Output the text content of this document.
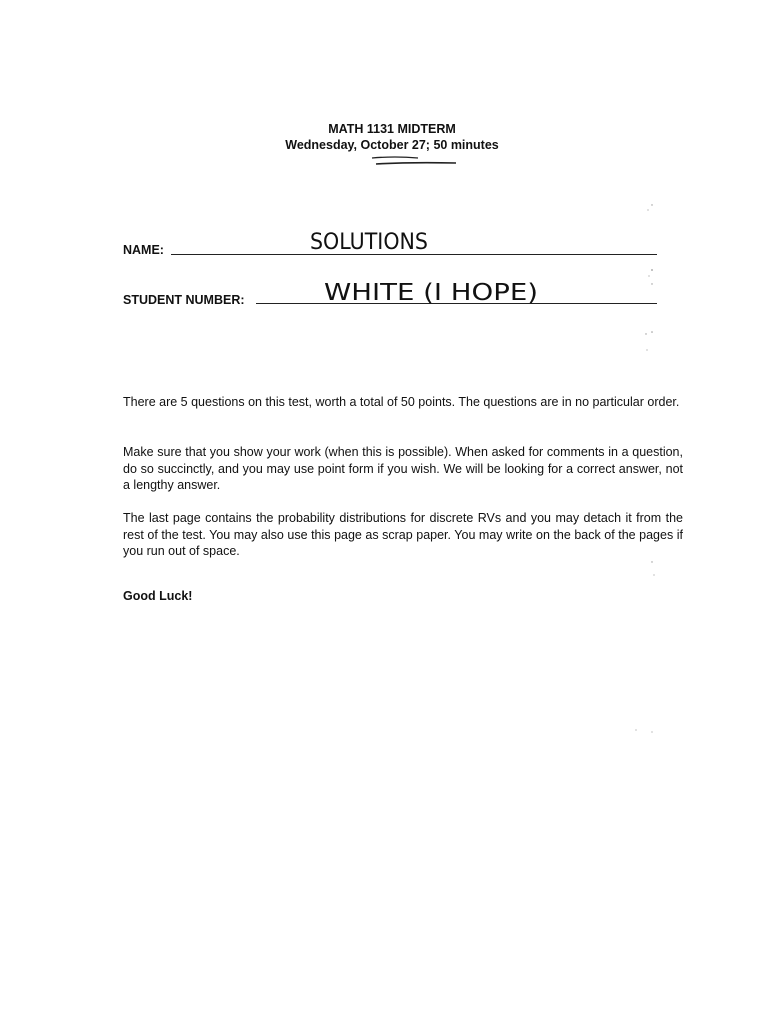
MATH 1131 MIDTERM
Wednesday, October 27; 50 minutes
NAME:	SOLUTIONS
STUDENT NUMBER:	WHITE (I HOPE)
There are 5 questions on this test, worth a total of 50 points. The questions are in no particular order.
Make sure that you show your work (when this is possible). When asked for comments in a question, do so succinctly, and you may use point form if you wish. We will be looking for a correct answer, not a lengthy answer.
The last page contains the probability distributions for discrete RVs and you may detach it from the rest of the test. You may also use this page as scrap paper. You may write on the back of the pages if you run out of space.
Good Luck!
